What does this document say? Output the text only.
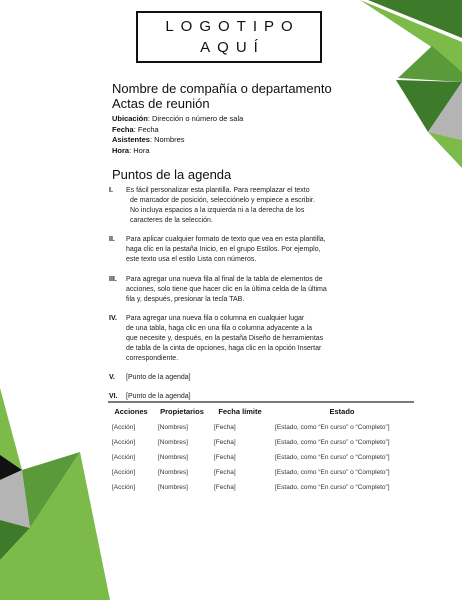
LOGOTIPO
AQUÍ
Nombre de compañía o departamento
Actas de reunión
Ubicación: Dirección o número de sala
Fecha: Fecha
Asistentes: Nombres
Hora: Hora
Puntos de la agenda
I. Es fácil personalizar esta plantilla. Para reemplazar el texto
de marcador de posición, selecciónelo y empiece a escribir.
No incluya espacios a la izquierda ni a la derecha de los
caracteres de la selección.
II. Para aplicar cualquier formato de texto que vea en esta plantilla,
haga clic en la pestaña Inicio, en el grupo Estilos. Por ejemplo,
este texto usa el estilo Lista con números.
III. Para agregar una nueva fila al final de la tabla de elementos de
acciones, solo tiene que hacer clic en la última celda de la última
fila y, después, presionar la tecla TAB.
IV. Para agregar una nueva fila o columna en cualquier lugar
de una tabla, haga clic en una fila o columna adyacente a la
que necesite y, después, en la pestaña Diseño de herramientas
de tabla de la cinta de opciones, haga clic en la opción Insertar
correspondiente.
V. [Punto de la agenda]
VI. [Punto de la agenda]
Acciones	Propietarios	Fecha límite	Estado
[Acción]	[Nombres]	[Fecha]	[Estado, como “En curso” o “Completo”]
[Acción]	[Nombres]	[Fecha]	[Estado, como “En curso” o “Completo”]
[Acción]	[Nombres]	[Fecha]	[Estado, como “En curso” o “Completo”]
[Acción]	[Nombres]	[Fecha]	[Estado, como “En curso” o “Completo”]
[Acción]	[Nombres]	[Fecha]	[Estado, como “En curso” o “Completo”]
